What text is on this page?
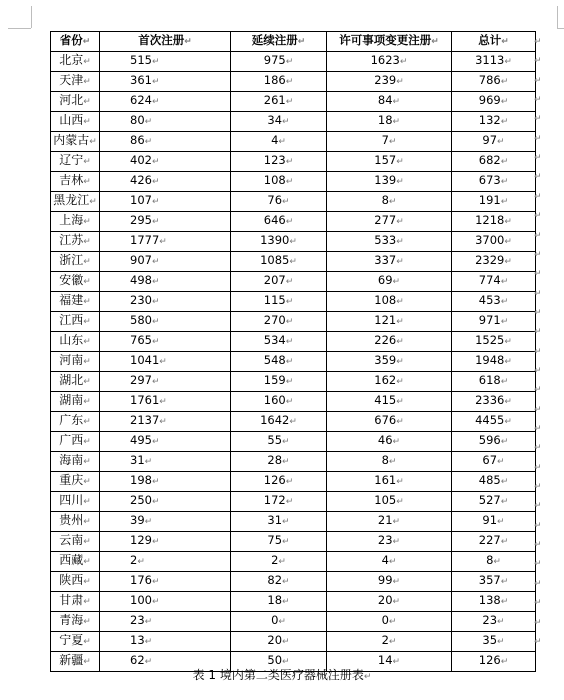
省份↵	首次注册↵	延续注册↵	许可事项变更注册↵	总计↵
北京↵	515↵	975↵	1623↵	3113↵
天津↵	361↵	186↵	239↵	786↵
河北↵	624↵	261↵	84↵	969↵
山西↵	80↵	34↵	18↵	132↵
内蒙古↵	86↵	4↵	7↵	97↵
辽宁↵	402↵	123↵	157↵	682↵
吉林↵	426↵	108↵	139↵	673↵
黑龙江↵	107↵	76↵	8↵	191↵
上海↵	295↵	646↵	277↵	1218↵
江苏↵	1777↵	1390↵	533↵	3700↵
浙江↵	907↵	1085↵	337↵	2329↵
安徽↵	498↵	207↵	69↵	774↵
福建↵	230↵	115↵	108↵	453↵
江西↵	580↵	270↵	121↵	971↵
山东↵	765↵	534↵	226↵	1525↵
河南↵	1041↵	548↵	359↵	1948↵
湖北↵	297↵	159↵	162↵	618↵
湖南↵	1761↵	160↵	415↵	2336↵
广东↵	2137↵	1642↵	676↵	4455↵
广西↵	495↵	55↵	46↵	596↵
海南↵	31↵	28↵	8↵	67↵
重庆↵	198↵	126↵	161↵	485↵
四川↵	250↵	172↵	105↵	527↵
贵州↵	39↵	31↵	21↵	91↵
云南↵	129↵	75↵	23↵	227↵
西藏↵	2↵	2↵	4↵	8↵
陕西↵	176↵	82↵	99↵	357↵
甘肃↵	100↵	18↵	20↵	138↵
青海↵	23↵	0↵	0↵	23↵
宁夏↵	13↵	20↵	2↵	35↵
新疆↵	62↵	50↵	14↵	126↵
↵
↵
↵
↵
↵
↵
↵
↵
↵
↵
↵
↵
↵
↵
↵
↵
↵
↵
↵
↵
↵
↵
↵
↵
↵
↵
↵
↵
↵
↵
↵
↵
表 1 境内第二类医疗器械注册表↵
